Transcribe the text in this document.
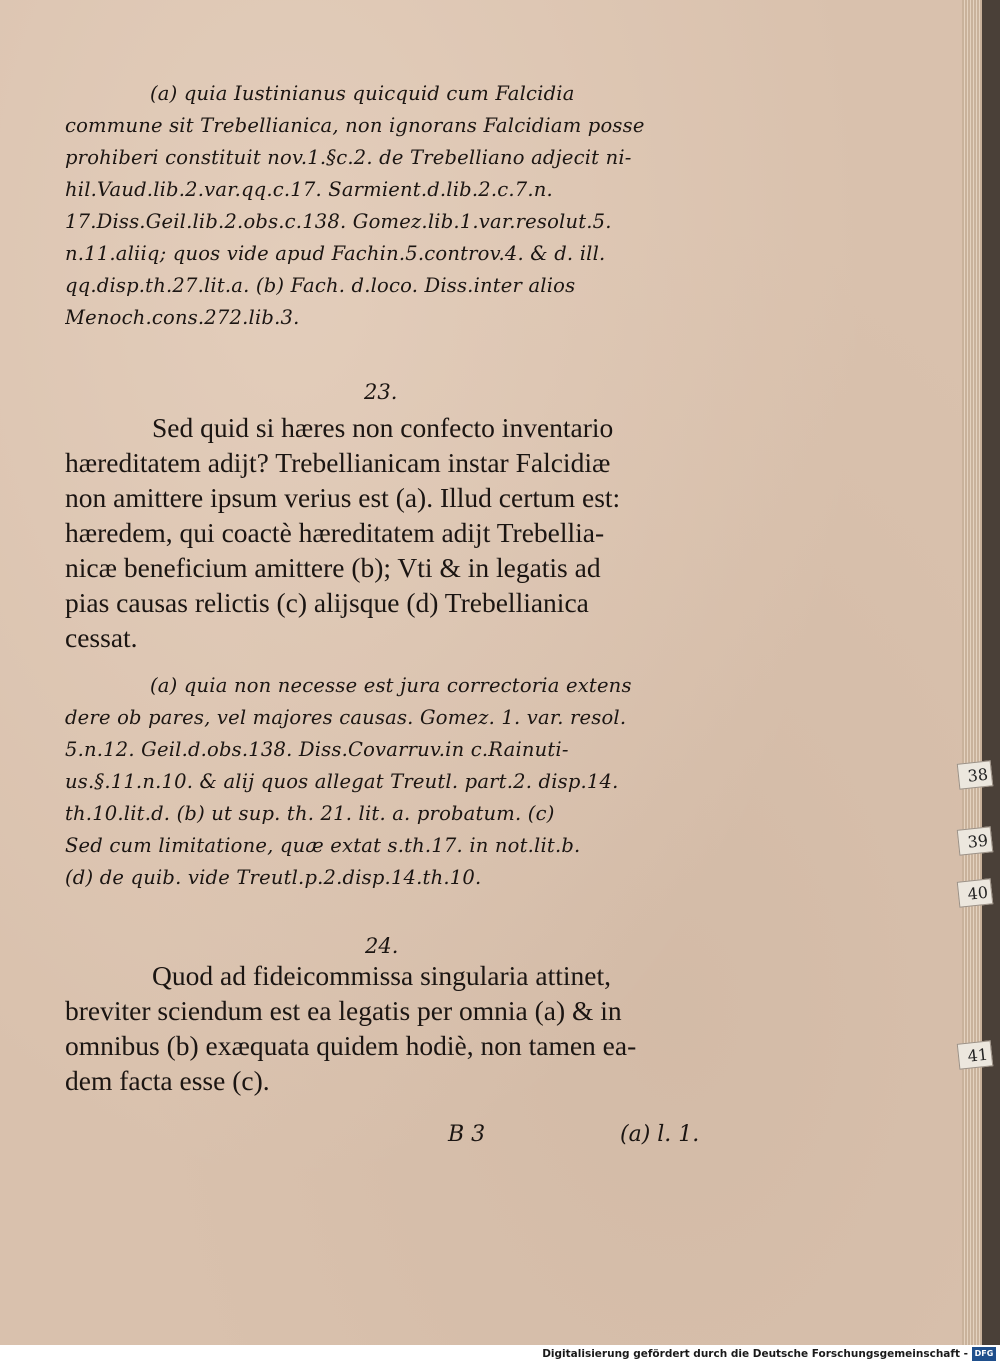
(a) quia Iustinianus quicquid cum Falcidia
commune sit Trebellianica, non ignorans Falcidiam posse
prohiberi constituit nov.1.§c.2. de Trebelliano adjecit ni-
hil.Vaud.lib.2.var.qq.c.17. Sarmient.d.lib.2.c.7.n.
17.Diss.Geil.lib.2.obs.c.138. Gomez.lib.1.var.resolut.5.
n.11.aliiq; quos vide apud Fachin.5.controv.4. & d. ill.
qq.disp.th.27.lit.a. (b) Fach. d.loco. Diss.inter alios
Menoch.cons.272.lib.3.
23.
Sed quid si hæres non confecto inventario
hæreditatem adijt? Trebellianicam instar Falcidiæ
non amittere ipsum verius est (a). Illud certum est:
hæredem, qui coactè hæreditatem adijt Trebellia-
nicæ beneficium amittere (b); Vti & in legatis ad
pias causas relictis (c) alijsque (d) Trebellianica
cessat.
(a) quia non necesse est jura correctoria extens
dere ob pares, vel majores causas. Gomez. 1. var. resol.
5.n.12. Geil.d.obs.138. Diss.Covarruv.in c.Rainuti-
us.§.11.n.10. & alij quos allegat Treutl. part.2. disp.14.
th.10.lit.d. (b) ut sup. th. 21. lit. a. probatum. (c)
Sed cum limitatione, quæ extat s.th.17. in not.lit.b.
(d) de quib. vide Treutl.p.2.disp.14.th.10.
24.
Quod ad fideicommissa singularia attinet,
breviter sciendum est ea legatis per omnia (a) & in
omnibus (b) exæquata quidem hodiè, non tamen ea-
dem facta esse (c).
B 3	(a) l. 1.
38
39
40
41
Digitalisierung gefördert durch die Deutsche Forschungsgemeinschaft - DFG
